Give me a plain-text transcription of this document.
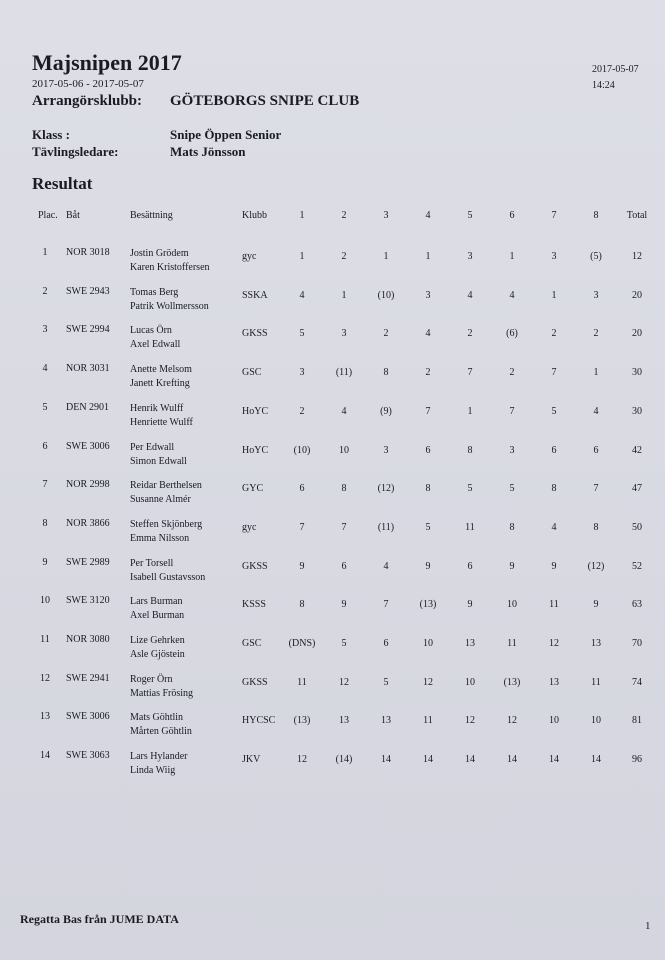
Majsnipen 2017
2017-05-06 - 2017-05-07
Arrangörsklubb: GÖTEBORGS SNIPE CLUB
2017-05-07
14:24
Klass :	Snipe Öppen Senior
Tävlingsledare:	Mats Jönsson
Resultat
Plac. Båt	Besättning	Klubb	1	2	3	4	5	6	7	8	Total
1 NOR 3018 Jostin Grödem
Karen Kristoffersen
gyc	1	2	1	1	3	1	3	(5)	12
2 SWE 2943 Tomas Berg
Patrik Wollmersson
SSKA	4	1	(10)	3	4	4	1	3	20
3 SWE 2994 Lucas Örn
Axel Edwall
GKSS	5	3	2	4	2	(6)	2	2	20
4 NOR 3031 Anette Melsom
Janett Krefting
GSC	3	(11)	8	2	7	2	7	1	30
5 DEN 2901 Henrik Wulff
Henriette Wulff
HoYC	2	4	(9)	7	1	7	5	4	30
6 SWE 3006 Per Edwall
Simon Edwall
HoYC	(10)	10	3	6	8	3	6	6	42
7 NOR 2998 Reidar Berthelsen
Susanne Almér
GYC	6	8	(12)	8	5	5	8	7	47
8 NOR 3866 Steffen Skjönberg
Emma Nilsson
gyc	7	7	(11)	5	11	8	4	8	50
9 SWE 2989 Per Torsell
Isabell Gustavsson
GKSS	9	6	4	9	6	9	9	(12)	52
10 SWE 3120 Lars Burman
Axel Burman
KSSS	8	9	7	(13)	9	10	11	9	63
11 NOR 3080 Lize Gehrken
Asle Gjöstein
GSC	(DNS)	5	6	10	13	11	12	13	70
12 SWE 2941 Roger Örn
Mattias Frösing
GKSS	11	12	5	12	10	(13)	13	11	74
13 SWE 3006 Mats Göhtlin
Mårten Göhtlin
HYCSC (13)	13	13	11	12	12	10	10	81
14 SWE 3063 Lars Hylander
Linda Wiig
JKV	12	(14)	14	14	14	14	14	14	96
Regatta Bas från JUME DATA	1
